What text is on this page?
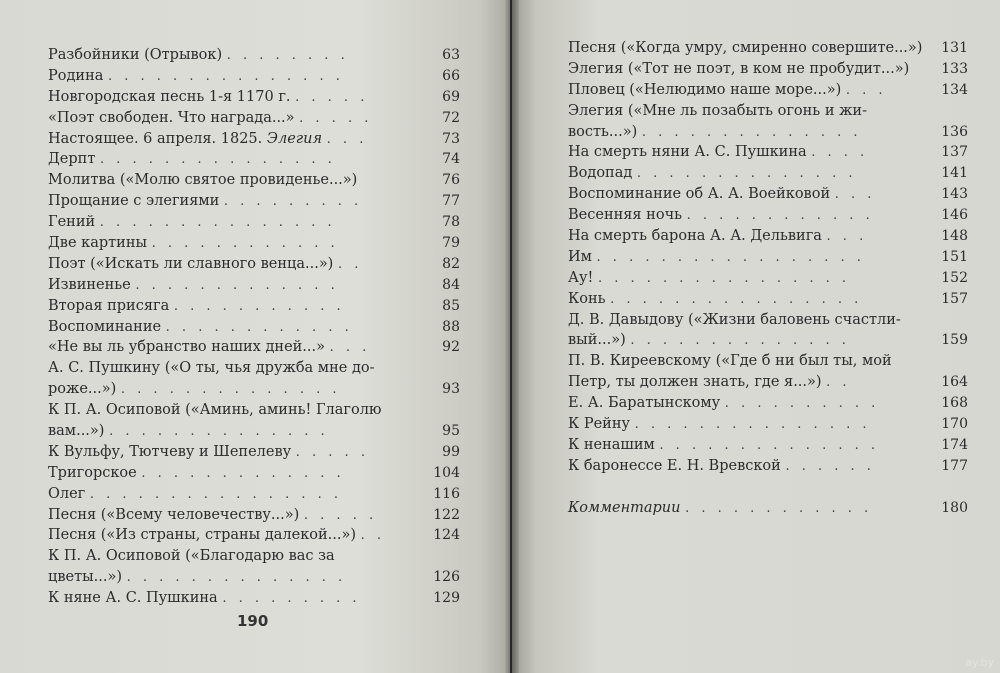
Разбойники (Отрывок) . . . . . . . .	63
Родина . . . . . . . . . . . . . . .	66
Новгородская песнь 1-я 1170 г. . . . . .	69
«Поэт свободен. Что награда...» . . . . .	72
Настоящее. 6 апреля. 1825. Элегия . . .	73
Дерпт . . . . . . . . . . . . . . .	74
Молитва («Молю святое провиденье...»)	76
Прощание с элегиями . . . . . . . . .	77
Гений . . . . . . . . . . . . . . .	78
Две картины . . . . . . . . . . . .	79
Поэт («Искать ли славного венца...») . .	82
Извиненье . . . . . . . . . . . . .	84
Вторая присяга . . . . . . . . . . .	85
Воспоминание . . . . . . . . . . . .	88
«Не вы ль убранство наших дней...» . . .	92
А. С. Пушкину («О ты, чья дружба мне до-
роже...») . . . . . . . . . . . . . .	93
К П. А. Осиповой («Аминь, аминь! Глаголю
вам...») . . . . . . . . . . . . . .	95
К Вульфу, Тютчеву и Шепелеву . . . . .	99
Тригорское . . . . . . . . . . . . .	104
Олег . . . . . . . . . . . . . . . .	116
Песня («Всему человечеству...») . . . . .	122
Песня («Из страны, страны далекой...») . .	124
К П. А. Осиповой («Благодарю вас за
цветы...») . . . . . . . . . . . . . .	126
К няне А. С. Пушкина . . . . . . . . .	129
190
Песня («Когда умру, смиренно совершите...») 131
Элегия («Тот не поэт, в ком не пробудит...») 133
Пловец («Нелюдимо наше море...») . . .	134
Элегия («Мне ль позабыть огонь и жи-
вость...») . . . . . . . . . . . . . .	136
На смерть няни А. С. Пушкина . . . .	137
Водопад . . . . . . . . . . . . . .	141
Воспоминание об А. А. Воейковой . . .	143
Весенняя ночь . . . . . . . . . . . .	146
На смерть барона А. А. Дельвига . . .	148
Им . . . . . . . . . . . . . . . . .	151
Ау! . . . . . . . . . . . . . . . .	152
Конь . . . . . . . . . . . . . . . .	157
Д. В. Давыдову («Жизни баловень счастли-
вый...») . . . . . . . . . . . . . .	159
П. В. Киреевскому («Где б ни был ты, мой
Петр, ты должен знать, где я...») . .	164
Е. А. Баратынскому . . . . . . . . . .	168
К Рейну . . . . . . . . . . . . . . .	170
К ненашим . . . . . . . . . . . . . .	174
К баронессе Е. Н. Вревской . . . . . .	177

Комментарии . . . . . . . . . . . .	180
ay.by
